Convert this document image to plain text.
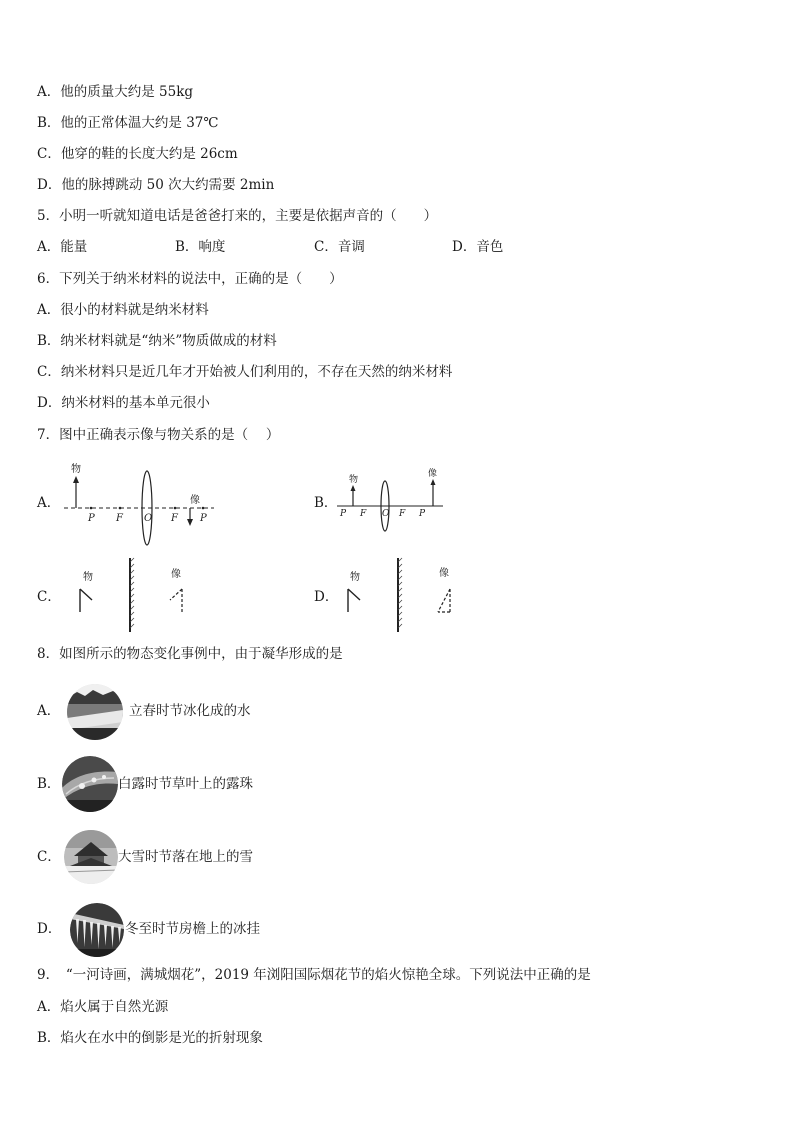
A．他的质量大约是 55kg
B．他的正常体温大约是 37℃
C．他穿的鞋的长度大约是 26cm
D．他的脉搏跳动 50 次大约需要 2min
5．小明一听就知道电话是爸爸打来的，主要是依据声音的（　　）
A．能量	B．响度	C．音调	D．音色
6．下列关于纳米材料的说法中，正确的是（　　）
A．很小的材料就是纳米材料
B．纳米材料就是“纳米”物质做成的材料
C．纳米材料只是近几年才开始被人们利用的，不存在天然的纳米材料
D．纳米材料的基本单元很小
7．图中正确表示像与物关系的是（　 ）
A．
物
P F O F P
像	B．
物
像
P F O F P
C．
物	像
D．
物	像
8．如图所示的物态变化事例中，由于凝华形成的是
A．	立春时节冰化成的水
B．	白露时节草叶上的露珠
C．	大雪时节落在地上的雪
D．	冬至时节房檐上的冰挂
9．　“一河诗画，满城烟花”，2019 年浏阳国际烟花节的焰火惊艳全球。下列说法中正确的是
A．焰火属于自然光源
B．焰火在水中的倒影是光的折射现象
